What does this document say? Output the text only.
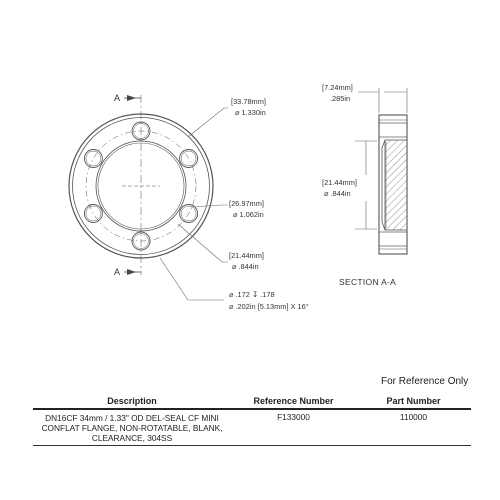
A
A
[33.78mm]
⌀ 1.330in
[26.97mm]
⌀ 1.062in
[21.44mm]
⌀ .844in
⌀ .172 ↧ .178
⌀ .202in [5.13mm] X 16°
[7.24mm]
.285in
[21.44mm]
⌀ .844in
SECTION A-A
For Reference Only
Description	Reference Number	Part Number
DN16CF 34mm / 1.33" OD DEL-SEAL CF MINI CONFLAT FLANGE, NON-ROTATABLE, BLANK, CLEARANCE, 304SS	F133000	110000
